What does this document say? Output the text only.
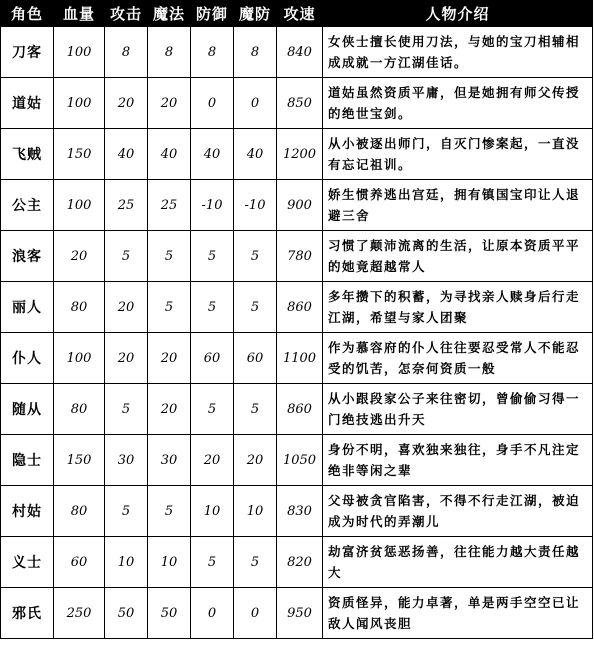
角色	血量	攻击	魔法	防御	魔防	攻速	人物介绍
刀客	100	8	8	8	8	840	女侠士擅长使用刀法，与她的宝刀相辅相成成就一方江湖佳话。
道姑	100	20	20	0	0	850	道姑虽然资质平庸，但是她拥有师父传授的绝世宝剑。
飞贼	150	40	40	40	40	1200	从小被逐出师门，自灭门惨案起，一直没有忘记祖训。
公主	100	25	25	-10	-10	900	娇生惯养逃出宫廷，拥有镇国宝印让人退避三舍
浪客	20	5	5	5	5	780	习惯了颠沛流离的生活，让原本资质平平的她竟超越常人
丽人	80	20	5	5	5	860	多年攒下的积蓄，为寻找亲人赎身后行走江湖，希望与家人团聚
仆人	100	20	20	60	60	1100	作为慕容府的仆人往往要忍受常人不能忍受的饥苦，怎奈何资质一般
随从	80	5	20	5	5	860	从小跟段家公子来往密切，曾偷偷习得一门绝技逃出升天
隐士	150	30	30	20	20	1050	身份不明，喜欢独来独往，身手不凡注定绝非等闲之辈
村姑	80	5	5	10	10	830	父母被贪官陷害，不得不行走江湖，被迫成为时代的弄潮儿
义士	60	10	10	5	5	820	劫富济贫惩恶扬善，往往能力越大责任越大
邪氏	250	50	50	0	0	950	资质怪异，能力卓著，单是两手空空已让敌人闻风丧胆
